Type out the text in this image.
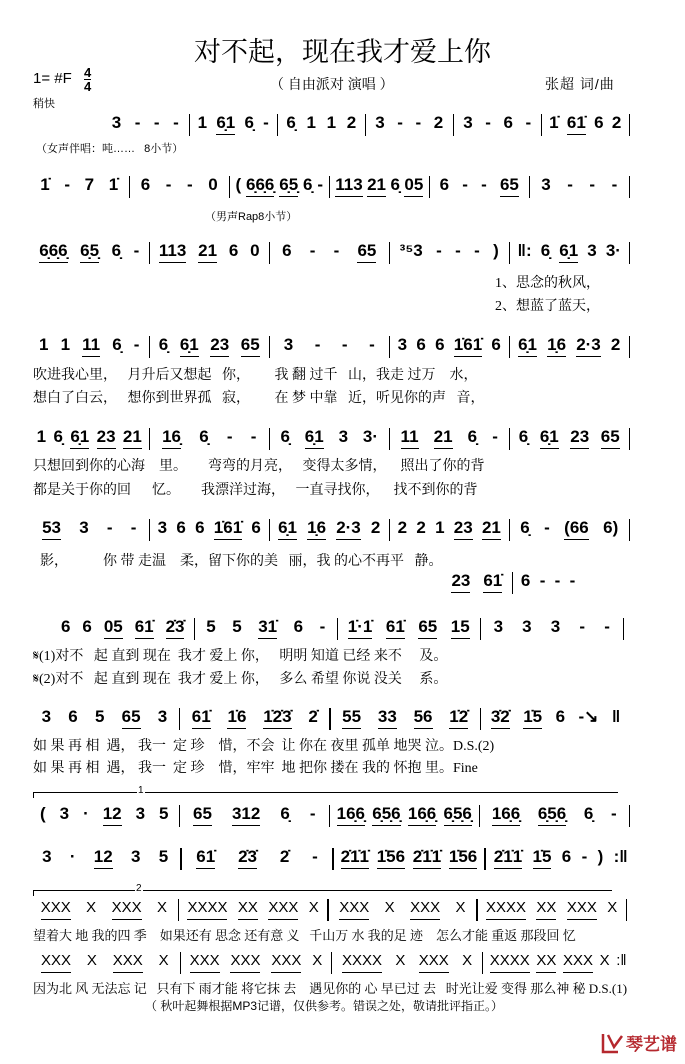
对不起，现在我才爱上你
1= #F $\frac{4}{4}$	（ 自由派对 演唱 ）	张超 词/曲
稍快
3 - - - 1 6̣1 6̣ - 6̣ 1 1 2 3 - - 2 3 - 6 - 1̇ 61̇ 6 2
1̇ - 7 1̇ 6 - - 0 ( 6̣6̣6̣ 6̣5̣ 6̣ - 113 21 6̣ 05 6 - - 65 3 - - -
6̣6̣6̣ 6̣5̣ 6̣ - 113 21 6 0 6 - - 65 ³⁵3 - - - ) ‖: 6̣ 6̣1 3 3·
1 1 11 6̣ - 6̣ 6̣1 23 65 3 - - - 3 6 6 1̇61̇ 6 6̣1 1̣6 2·3 2
1 6̣ 6̣1 23 21 16̣ 6̣ - - 6̣ 6̣1 3 3· 11 21 6̣ - 6̣ 6̣1 23 65
53 3 - - 3 6 6 1̇61̇ 6 6̣1 1̣6 2·3 2 2 2 1 23 21 6̣ - (66 6)
6 6 05 61̇ 2̇3̇ 5 5 31̇ 6 - 1̇·1̇ 61̇ 65 15 3 3 3 - -
3 6 5 65 3 61̇ 1̇6 1̇2̇3̇ 2̇ 55 33 56 1̇2̇ 3̇2̇ 1̇5 6 -↘ ‖
( 3 · 12 3 5 65 312 6̣ - 16̣6̣ 6̣5̣6̣ 16̣6̣ 6̣5̣6̣ 16̣6̣ 6̣5̣6̣ 6̣ -
3 · 12 3 5 61̇ 2̇3̇ 2̇ - 2̇1̇1̇ 1̇56 2̇1̇1̇ 1̇56 2̇1̇1̇ 1̇5 6 - ) :‖
XXX X XXX X XXXX XX XXX X XXX X XXX X XXXX XX XXX X
XXX X XXX X XXX XXX XXX X XXXX X XXX X XXXX XX XXX X :‖
23 61̇ 6 - - -
（女声伴唱：吨……   8小节）
（男声Rap8小节）
1、思念的秋风，
2、想蓝了蓝天，
吹进我心里，   月升后又想起   你，       我 翻 过千   山，我走 过万    水，
想白了白云，   想你到世界孤   寂，       在 梦 中靠   近，听见你的声   音，
只想回到你的心海    里。      弯弯的月亮，   变得太多情，    照出了你的背
都是关于你的回      忆。      我漂洋过海，   一直寻找你，    找不到你的背
影，          你 带 走温    柔，留下你的美   丽，我 的心不再平   静。
𝄋(1)对不   起 直到 现在  我才 爱上 你，   明明 知道 已经 来不     及。
𝄋(2)对不   起 直到 现在  我才 爱上 你，   多么 希望 你说 没关     系。
如 果 再 相  遇， 我一  定 珍    惜，不会  让 你在 夜里 孤单 地哭 泣。D.S.(2)
如 果 再 相  遇， 我一  定 珍    惜，牢牢  地 把你 搂在 我的 怀抱 里。Fine
望着大 地 我的四 季    如果还有 思念 还有意 义   千山万 水 我的足 迹    怎么才能 重返 那段回 忆
因为北 风 无法忘 记   只有下 雨才能 将它抹 去    遇见你的 心 早已过 去   时光让爱 变得 那么神 秘 D.S.(1)
1
2
（ 秋叶起舞根据MP3记谱，仅供参考。错误之处，敬请批评指正。）
琴艺谱
